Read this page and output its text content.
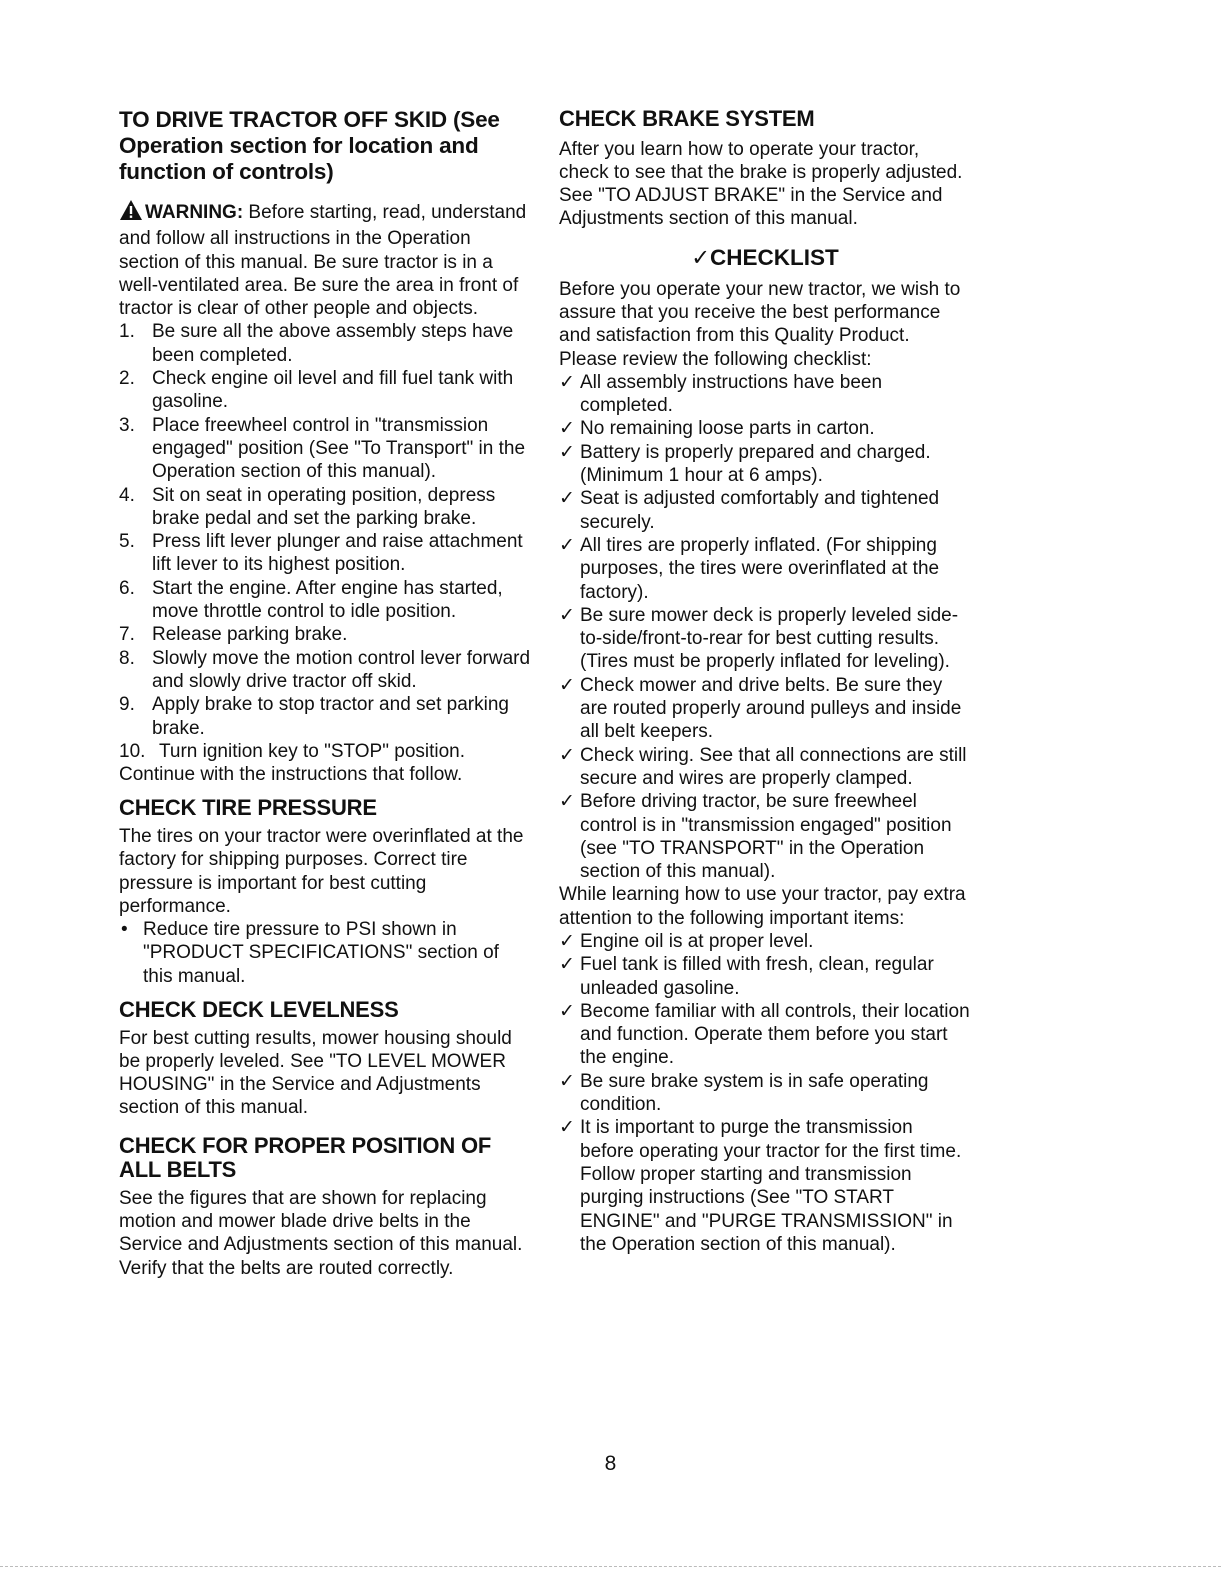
TO DRIVE TRACTOR OFF SKID (See Operation section for location and function of controls)

WARNING: Before starting, read, understand and follow all instructions in the Operation section of this manual. Be sure tractor is in a well-ventilated area. Be sure the area in front of tractor is clear of other people and objects.

1. Be sure all the above assembly steps have been completed.
2. Check engine oil level and fill fuel tank with gasoline.
3. Place freewheel control in "transmission engaged" position (See "To Transport" in the Operation section of this manual).
4. Sit on seat in operating position, depress brake pedal and set the parking brake.
5. Press lift lever plunger and raise attachment lift lever to its highest position.
6. Start the engine. After engine has started, move throttle control to idle position.
7. Release parking brake.
8. Slowly move the motion control lever forward and slowly drive tractor off skid.
9. Apply brake to stop tractor and set parking brake.
10. Turn ignition key to "STOP" position.

Continue with the instructions that follow.

CHECK TIRE PRESSURE

The tires on your tractor were overinflated at the factory for shipping purposes. Correct tire pressure is important for best cutting performance.

• Reduce tire pressure to PSI shown in "PRODUCT SPECIFICATIONS" section of this manual.
CHECK DECK LEVELNESS

For best cutting results, mower housing should be properly leveled. See "TO LEVEL MOWER HOUSING" in the Service and Adjustments section of this manual.

CHECK FOR PROPER POSITION OF ALL BELTS

See the figures that are shown for replacing motion and mower blade drive belts in the Service and Adjustments section of this manual. Verify that the belts are routed correctly.

CHECK BRAKE SYSTEM

After you learn how to operate your tractor, check to see that the brake is properly adjusted. See "TO ADJUST BRAKE" in the Service and Adjustments section of this manual.

✓CHECKLIST

Before you operate your new tractor, we wish to assure that you receive the best performance and satisfaction from this Quality Product.

Please review the following checklist:

✓ All assembly instructions have been completed.
✓ No remaining loose parts in carton.
✓ Battery is properly prepared and charged. (Minimum 1 hour at 6 amps).
✓ Seat is adjusted comfortably and tightened securely.
✓ All tires are properly inflated. (For shipping purposes, the tires were overinflated at the factory).
✓ Be sure mower deck is properly leveled side-to-side/front-to-rear for best cutting results. (Tires must be properly inflated for leveling).
✓ Check mower and drive belts. Be sure they are routed properly around pulleys and inside all belt keepers.
✓ Check wiring. See that all connections are still secure and wires are properly clamped.
✓ Before driving tractor, be sure freewheel control is in "transmission engaged" position (see "TO TRANSPORT" in the Operation section of this manual).

While learning how to use your tractor, pay extra attention to the following important items:

✓ Engine oil is at proper level.
✓ Fuel tank is filled with fresh, clean, regular unleaded gasoline.
✓ Become familiar with all controls, their location and function. Operate them before you start the engine.
✓ Be sure brake system is in safe operating condition.
✓ It is important to purge the transmission before operating your tractor for the first time. Follow proper starting and transmission purging instructions (See "TO START ENGINE" and "PURGE TRANSMISSION" in the Operation section of this manual).
8
